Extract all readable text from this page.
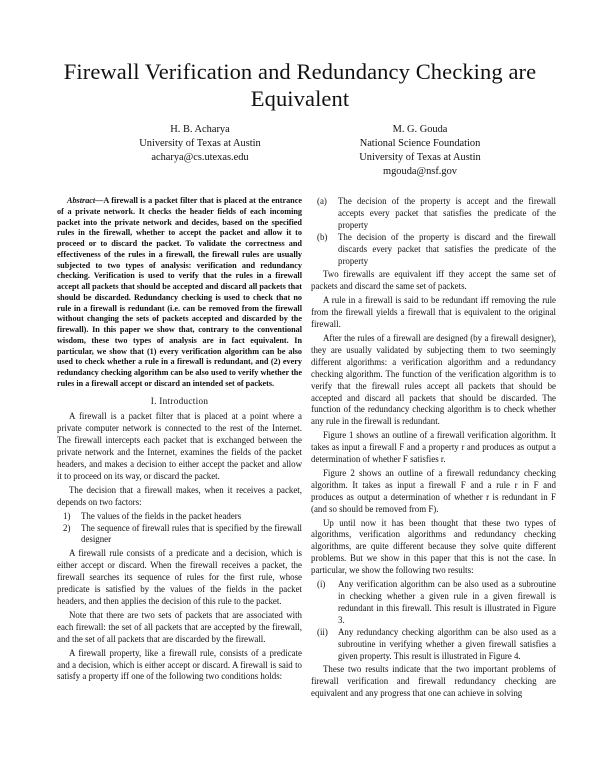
Firewall Verification and Redundancy Checking are Equivalent
H. B. Acharya
University of Texas at Austin
acharya@cs.utexas.edu
M. G. Gouda
National Science Foundation
University of Texas at Austin
mgouda@nsf.gov

Abstract—A firewall is a packet filter that is placed at the entrance of a private network. It checks the header fields of each incoming packet into the private network and decides, based on the specified rules in the firewall, whether to accept the packet and allow it to proceed or to discard the packet. To validate the correctness and effectiveness of the rules in a firewall, the firewall rules are usually subjected to two types of analysis: verification and redundancy checking. Verification is used to verify that the rules in a firewall accept all packets that should be accepted and discard all packets that should be discarded. Redundancy checking is used to check that no rule in a firewall is redundant (i.e. can be removed from the firewall without changing the sets of packets accepted and discarded by the firewall). In this paper we show that, contrary to the conventional wisdom, these two types of analysis are in fact equivalent. In particular, we show that (1) every verification algorithm can be also used to check whether a rule in a firewall is redundant, and (2) every redundancy checking algorithm can be also used to verify whether the rules in a firewall accept or discard an intended set of packets.

I. Introduction

A firewall is a packet filter that is placed at a point where a private computer network is connected to the rest of the Internet. The firewall intercepts each packet that is exchanged between the private network and the Internet, examines the fields of the packet headers, and makes a decision to either accept the packet and allow it to proceed on its way, or discard the packet.

The decision that a firewall makes, when it receives a packet, depends on two factors:

1) The values of the fields in the packet headers
2) The sequence of firewall rules that is specified by the firewall designer

A firewall rule consists of a predicate and a decision, which is either accept or discard. When the firewall receives a packet, the firewall searches its sequence of rules for the first rule, whose predicate is satisfied by the values of the fields in the packet headers, and then applies the decision of this rule to the packet.

Note that there are two sets of packets that are associated with each firewall: the set of all packets that are accepted by the firewall, and the set of all packets that are discarded by the firewall.

A firewall property, like a firewall rule, consists of a predicate and a decision, which is either accept or discard. A firewall is said to satisfy a property iff one of the following two conditions holds:

(a) The decision of the property is accept and the firewall accepts every packet that satisfies the predicate of the property
(b) The decision of the property is discard and the firewall discards every packet that satisfies the predicate of the property

Two firewalls are equivalent iff they accept the same set of packets and discard the same set of packets.

A rule in a firewall is said to be redundant iff removing the rule from the firewall yields a firewall that is equivalent to the original firewall.

After the rules of a firewall are designed (by a firewall designer), they are usually validated by subjecting them to two seemingly different algorithms: a verification algorithm and a redundancy checking algorithm. The function of the verification algorithm is to verify that the firewall rules accept all packets that should be accepted and discard all packets that should be discarded. The function of the redundancy checking algorithm is to check whether any rule in the firewall is redundant.

Figure 1 shows an outline of a firewall verification algorithm. It takes as input a firewall F and a property r and produces as output a determination of whether F satisfies r.

Figure 2 shows an outline of a firewall redundancy checking algorithm. It takes as input a firewall F and a rule r in F and produces as output a determination of whether r is redundant in F (and so should be removed from F).

Up until now it has been thought that these two types of algorithms, verification algorithms and redundancy checking algorithms, are quite different because they solve quite different problems. But we show in this paper that this is not the case. In particular, we show the following two results:

(i) Any verification algorithm can be also used as a subroutine in checking whether a given rule in a given firewall is redundant in this firewall. This result is illustrated in Figure 3.
(ii) Any redundancy checking algorithm can be also used as a subroutine in verifying whether a given firewall satisfies a given property. This result is illustrated in Figure 4.

These two results indicate that the two important problems of firewall verification and firewall redundancy checking are equivalent and any progress that one can achieve in solving
